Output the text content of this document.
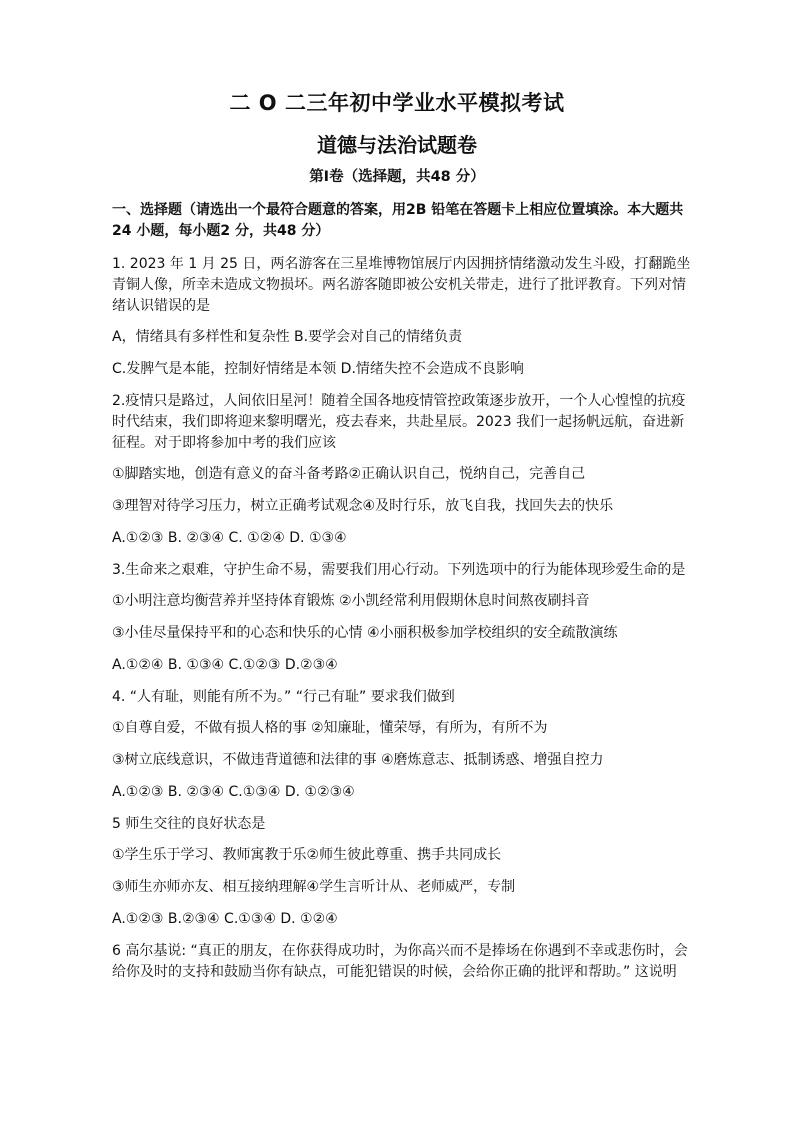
二 O 二三年初中学业水平模拟考试
道德与法治试题卷
第Ⅰ卷（选择题，共48 分）

一、选择题（请选出一个最符合题意的答案，用2B 铅笔在答题卡上相应位置填涂。本大题共24 小题，每小题2 分，共48 分）

1. 2023 年 1 月 25 日，两名游客在三星堆博物馆展厅内因拥挤情绪激动发生斗殴，打翻跪坐青铜人像，所幸未造成文物损坏。两名游客随即被公安机关带走，进行了批评教育。下列对情绪认识错误的是

A，情绪具有多样性和复杂性 B.要学会对自己的情绪负责

C.发脾气是本能，控制好情绪是本领 D.情绪失控不会造成不良影响

2.疫情只是路过，人间依旧星河！随着全国各地疫情管控政策逐步放开，一个人心惶惶的抗疫时代结束，我们即将迎来黎明曙光，疫去春来，共赴星辰。2023 我们一起扬帆远航，奋进新征程。对于即将参加中考的我们应该

①脚踏实地，创造有意义的奋斗备考路②正确认识自己，悦纳自己，完善自己

③理智对待学习压力，树立正确考试观念④及时行乐，放飞自我，找回失去的快乐

A.①②③ B. ②③④ C. ①②④ D. ①③④

3.生命来之艰难，守护生命不易，需要我们用心行动。下列选项中的行为能体现珍爱生命的是

①小明注意均衡营养并坚持体育锻炼 ②小凯经常利用假期休息时间熬夜刷抖音

③小佳尽量保持平和的心态和快乐的心情 ④小丽积极参加学校组织的安全疏散演练

A.①②④ B. ①③④ C.①②③ D.②③④

4. “人有耻，则能有所不为。” “行己有耻” 要求我们做到

①自尊自爱，不做有损人格的事 ②知廉耻，懂荣辱，有所为，有所不为

③树立底线意识，不做违背道德和法律的事 ④磨炼意志、抵制诱惑、增强自控力

A.①②③ B. ②③④ C.①③④ D. ①②③④

5 师生交往的良好状态是

①学生乐于学习、教师寓教于乐②师生彼此尊重、携手共同成长

③师生亦师亦友、相互接纳理解④学生言听计从、老师威严，专制

A.①②③ B.②③④ C.①③④ D. ①②④

6 高尔基说: “真正的朋友，在你获得成功时，为你高兴而不是捧场在你遇到不幸或悲伤时，会给你及时的支持和鼓励当你有缺点，可能犯错误的时候，会给你正确的批评和帮助。” 这说明
